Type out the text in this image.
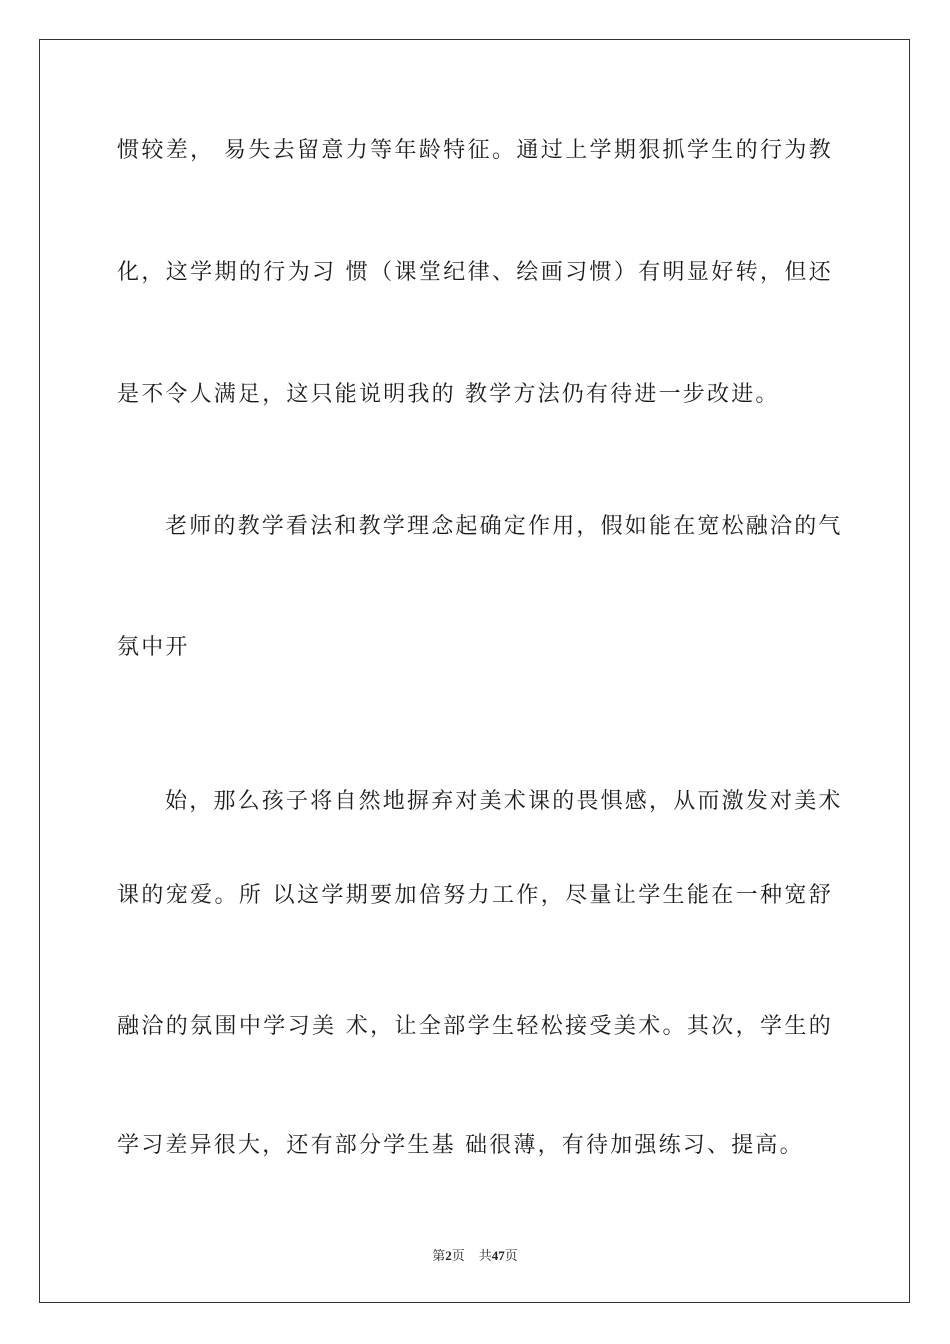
惯较差， 易失去留意力等年龄特征。通过上学期狠抓学生的行为教
化，这学期的行为习 惯（课堂纪律、绘画习惯）有明显好转，但还
是不令人满足，这只能说明我的 教学方法仍有待进一步改进。
老师的教学看法和教学理念起确定作用，假如能在宽松融洽的气
氛中开
始，那么孩子将自然地摒弃对美术课的畏惧感，从而激发对美术
课的宠爱。所 以这学期要加倍努力工作，尽量让学生能在一种宽舒
融洽的氛围中学习美 术，让全部学生轻松接受美术。其次，学生的
学习差异很大，还有部分学生基 础很薄，有待加强练习、提高。
第2页 共47页
